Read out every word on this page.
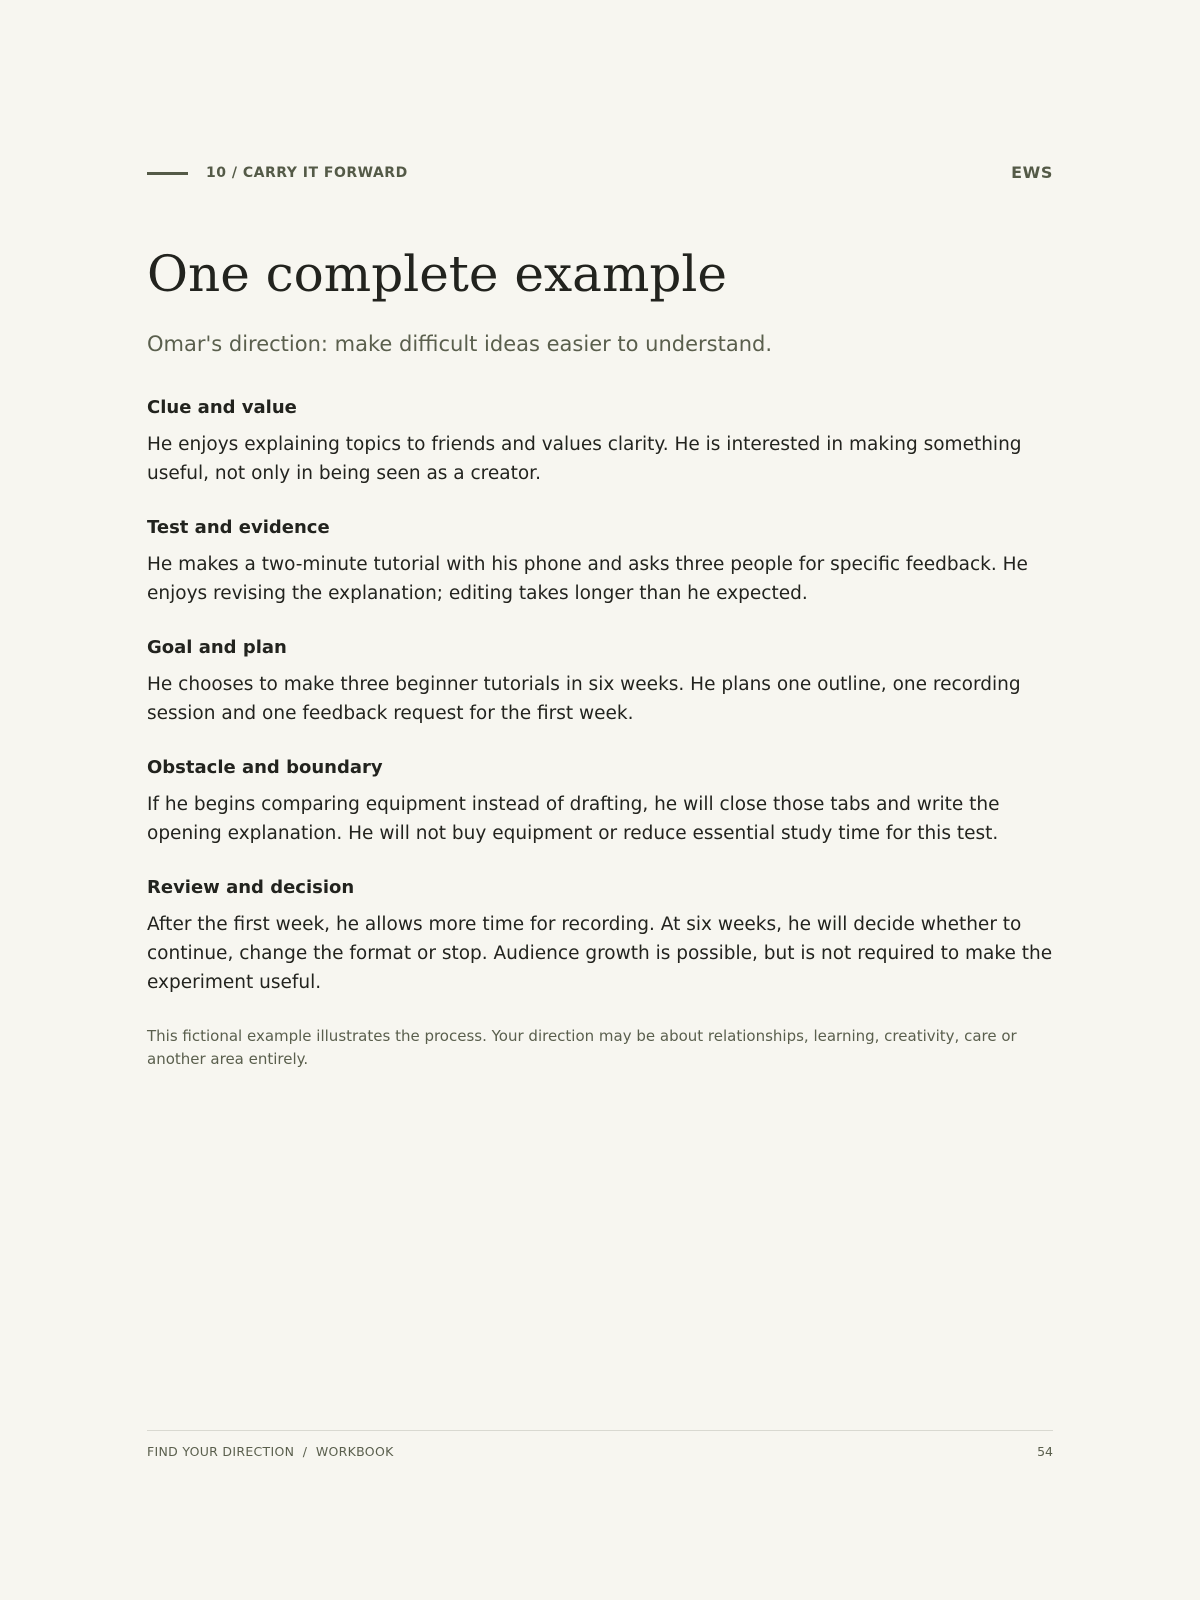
10 / CARRY IT FORWARD	EWS
One complete example

Omar's direction: make difficult ideas easier to understand.

Clue and value

He enjoys explaining topics to friends and values clarity. He is interested in making something useful, not only in being seen as a creator.

Test and evidence

He makes a two-minute tutorial with his phone and asks three people for specific feedback. He enjoys revising the explanation; editing takes longer than he expected.

Goal and plan

He chooses to make three beginner tutorials in six weeks. He plans one outline, one recording session and one feedback request for the first week.

Obstacle and boundary

If he begins comparing equipment instead of drafting, he will close those tabs and write the opening explanation. He will not buy equipment or reduce essential study time for this test.

Review and decision

After the first week, he allows more time for recording. At six weeks, he will decide whether to continue, change the format or stop. Audience growth is possible, but is not required to make the experiment useful.

This fictional example illustrates the process. Your direction may be about relationships, learning, creativity, care or another area entirely.

FIND YOUR DIRECTION  /  WORKBOOK	54
